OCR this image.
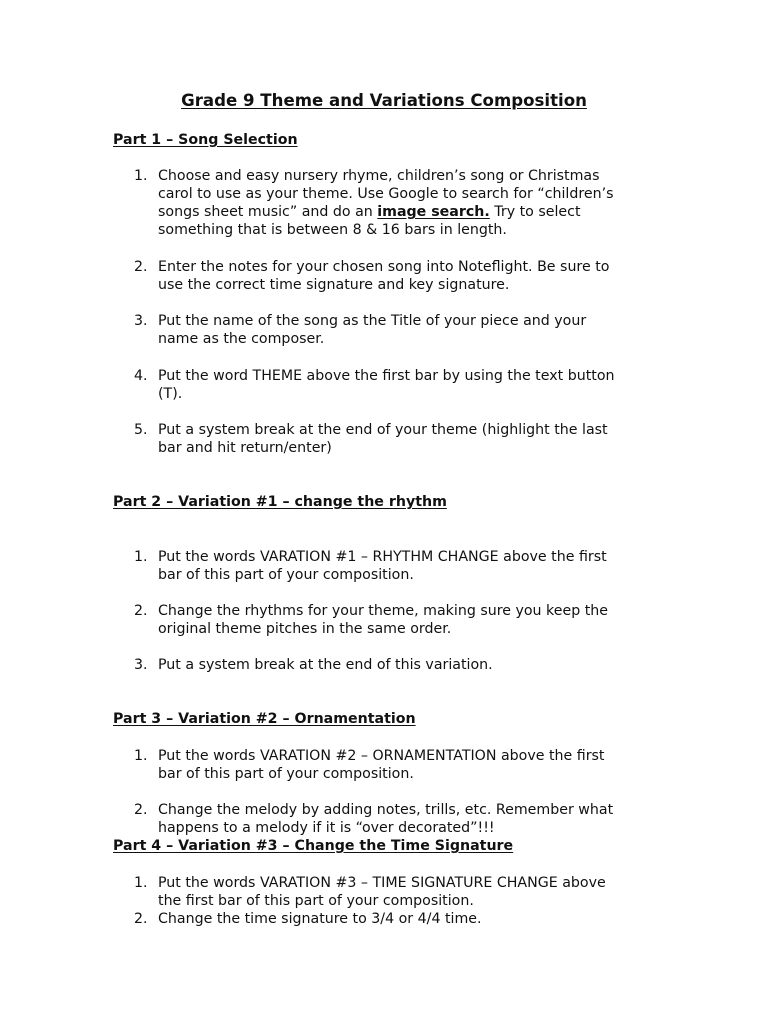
Grade 9 Theme and Variations Composition
Part 1 – Song Selection
1. Choose and easy nursery rhyme, children’s song or Christmas
carol to use as your theme. Use Google to search for “children’s
songs sheet music” and do an image search. Try to select
something that is between 8 & 16 bars in length.
2. Enter the notes for your chosen song into Noteflight. Be sure to
use the correct time signature and key signature.
3. Put the name of the song as the Title of your piece and your
name as the composer.
4. Put the word THEME above the first bar by using the text button
(T).
5. Put a system break at the end of your theme (highlight the last
bar and hit return/enter)
Part 2 – Variation #1 – change the rhythm
1. Put the words VARATION #1 – RHYTHM CHANGE above the first
bar of this part of your composition.
2. Change the rhythms for your theme, making sure you keep the
original theme pitches in the same order.
3. Put a system break at the end of this variation.
Part 3 – Variation #2 – Ornamentation
1. Put the words VARATION #2 – ORNAMENTATION above the first
bar of this part of your composition.
2. Change the melody by adding notes, trills, etc. Remember what
happens to a melody if it is “over decorated”!!!
Part 4 – Variation #3 – Change the Time Signature
1. Put the words VARATION #3 – TIME SIGNATURE CHANGE above
the first bar of this part of your composition.
2. Change the time signature to 3/4 or 4/4 time.
